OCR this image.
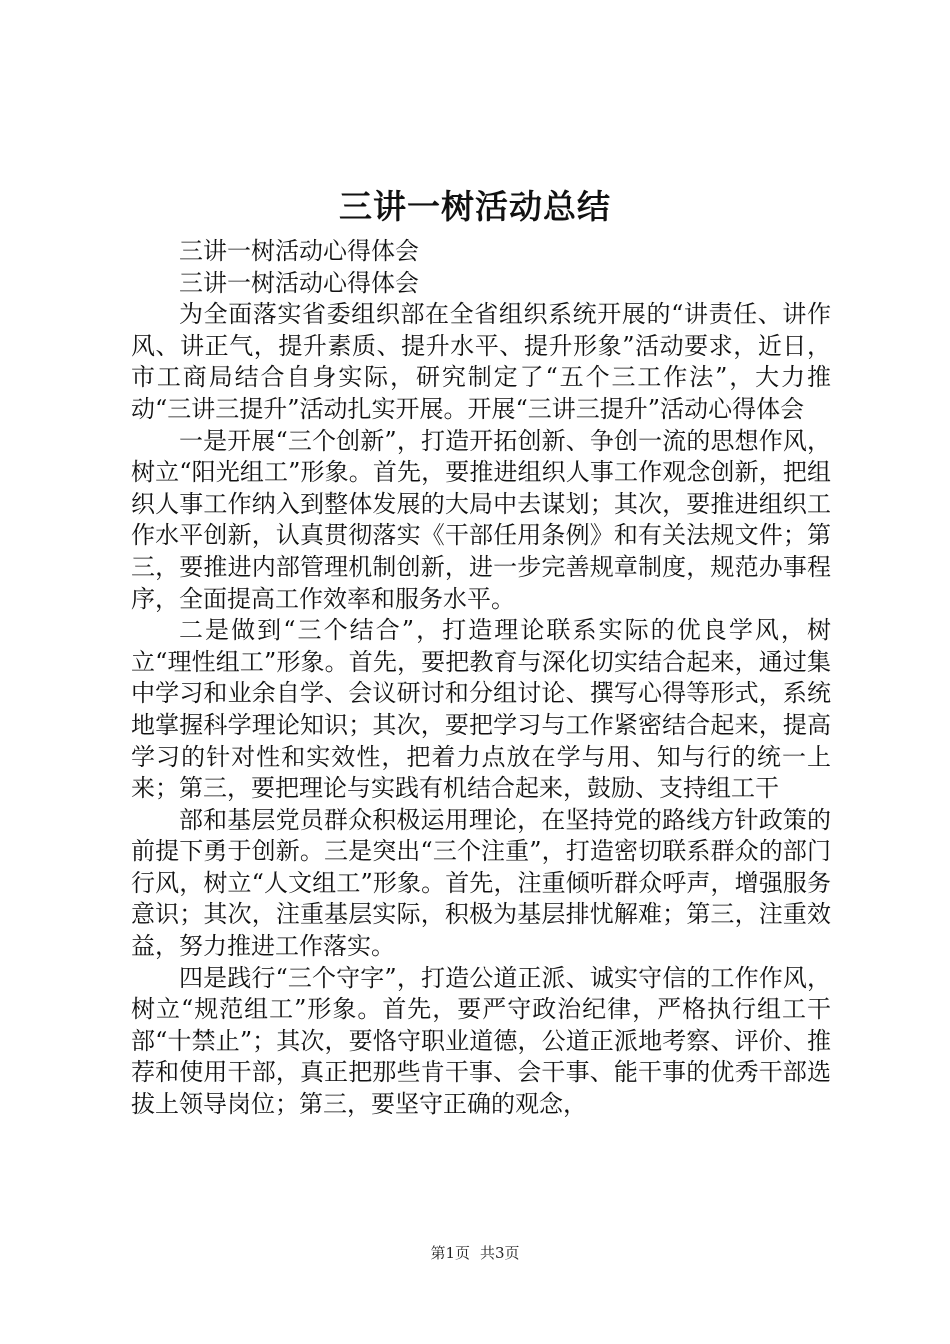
三讲一树活动总结

三讲一树活动心得体会

三讲一树活动心得体会

为全面落实省委组织部在全省组织系统开展的“讲责任、讲作风、讲正气，提升素质、提升水平、提升形象”活动要求，近日，市工商局结合自身实际，研究制定了“五个三工作法”，大力推动“三讲三提升”活动扎实开展。开展“三讲三提升”活动心得体会

一是开展“三个创新”，打造开拓创新、争创一流的思想作风，树立“阳光组工”形象。首先，要推进组织人事工作观念创新，把组织人事工作纳入到整体发展的大局中去谋划；其次，要推进组织工作水平创新，认真贯彻落实《干部任用条例》和有关法规文件；第三，要推进内部管理机制创新，进一步完善规章制度，规范办事程序，全面提高工作效率和服务水平。

二是做到“三个结合”，打造理论联系实际的优良学风，树立“理性组工”形象。首先，要把教育与深化切实结合起来，通过集中学习和业余自学、会议研讨和分组讨论、撰写心得等形式，系统地掌握科学理论知识；其次，要把学习与工作紧密结合起来，提高学习的针对性和实效性，把着力点放在学与用、知与行的统一上来；第三，要把理论与实践有机结合起来，鼓励、支持组工干

部和基层党员群众积极运用理论，在坚持党的路线方针政策的前提下勇于创新。三是突出“三个注重”，打造密切联系群众的部门行风，树立“人文组工”形象。首先，注重倾听群众呼声，增强服务意识；其次，注重基层实际，积极为基层排忧解难；第三，注重效益，努力推进工作落实。

四是践行“三个守字”，打造公道正派、诚实守信的工作作风，树立“规范组工”形象。首先，要严守政治纪律，严格执行组工干部“十禁止”；其次，要恪守职业道德，公道正派地考察、评价、推荐和使用干部，真正把那些肯干事、会干事、能干事的优秀干部选拔上领导岗位；第三，要坚守正确的观念，

第1页 共3页
